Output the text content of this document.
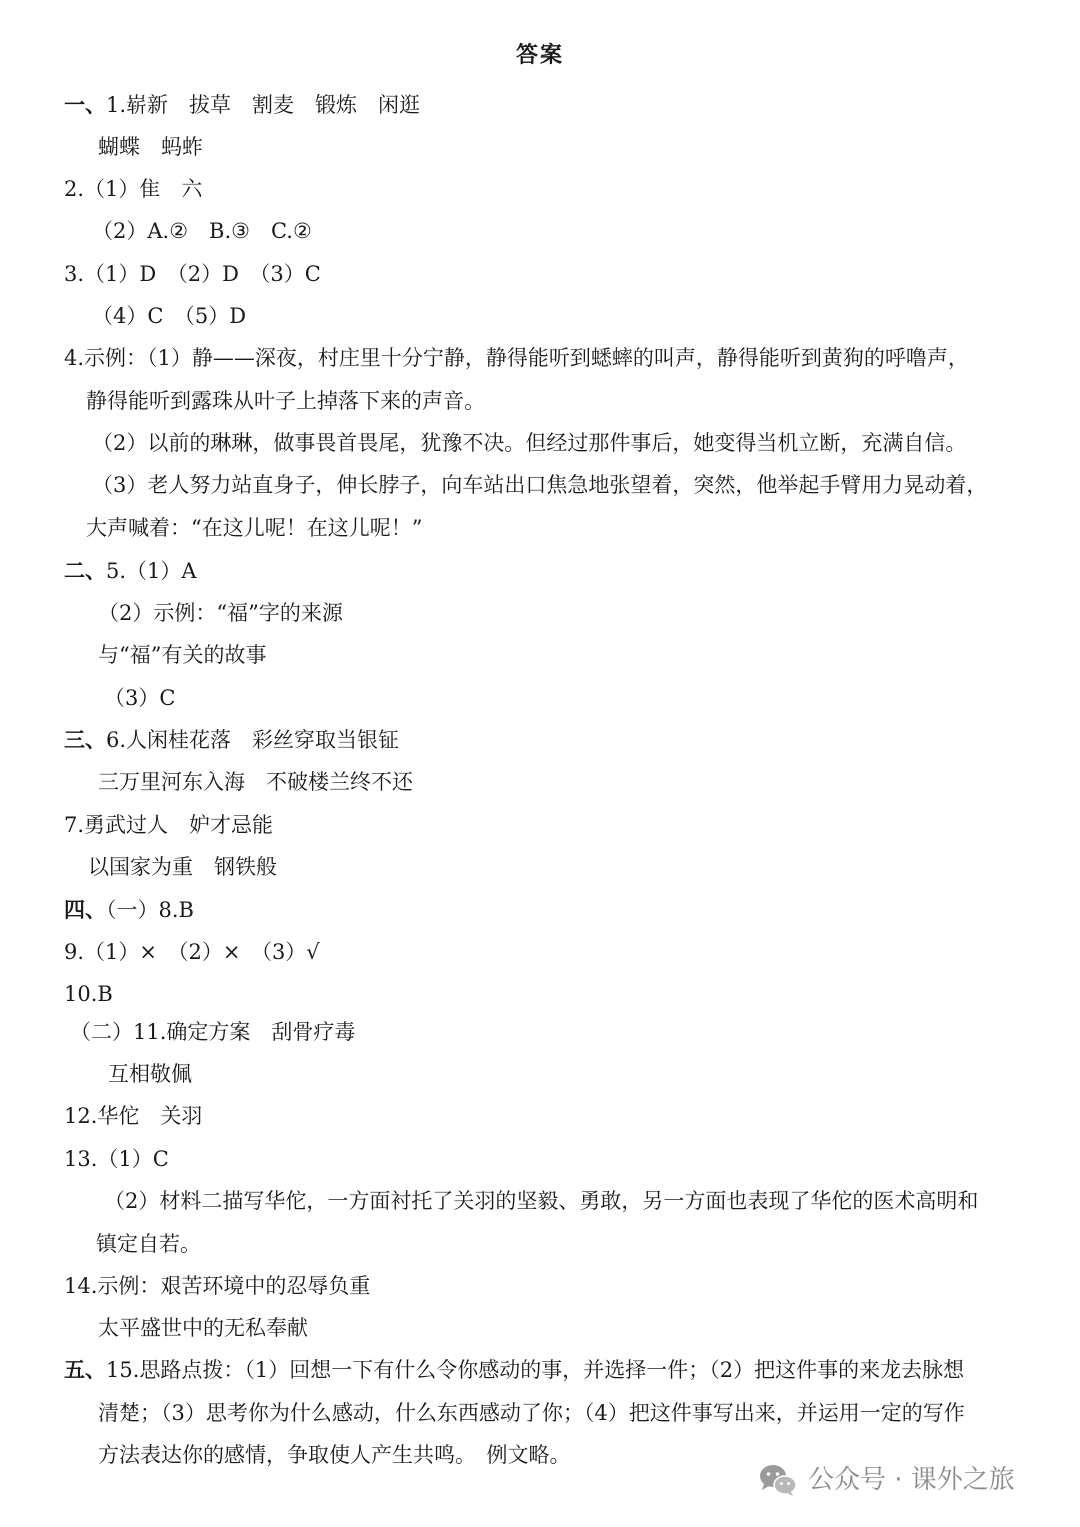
答案
一、1.崭新　拔草　割麦　锻炼　闲逛
蝴蝶　蚂蚱
2.（1）隹　六
（2）A.②　B.③　C.②
3.（1）D　（2）D　（3）C
（4）C　（5）D
4.示例：（1）静——深夜，村庄里十分宁静，静得能听到蟋蟀的叫声，静得能听到黄狗的呼噜声，
静得能听到露珠从叶子上掉落下来的声音。
（2）以前的琳琳，做事畏首畏尾，犹豫不决。但经过那件事后，她变得当机立断，充满自信。
（3）老人努力站直身子，伸长脖子，向车站出口焦急地张望着，突然，他举起手臂用力晃动着，
大声喊着：“在这儿呢！在这儿呢！”
二、5.（1）A
（2）示例：“福”字的来源
与“福”有关的故事
（3）C
三、6.人闲桂花落　彩丝穿取当银钲
三万里河东入海　不破楼兰终不还
7.勇武过人　妒才忌能
以国家为重　钢铁般
四、（一）8.B
9.（1）×　（2）×　（3）√
10.B
（二）11.确定方案　刮骨疗毒
互相敬佩
12.华佗　关羽
13.（1）C
（2）材料二描写华佗，一方面衬托了关羽的坚毅、勇敢，另一方面也表现了华佗的医术高明和
镇定自若。
14.示例：艰苦环境中的忍辱负重
太平盛世中的无私奉献
五、15.思路点拨：（1）回想一下有什么令你感动的事，并选择一件；（2）把这件事的来龙去脉想
清楚；（3）思考你为什么感动，什么东西感动了你；（4）把这件事写出来，并运用一定的写作
方法表达你的感情，争取使人产生共鸣。　例文略。
公众号 · 课外之旅
